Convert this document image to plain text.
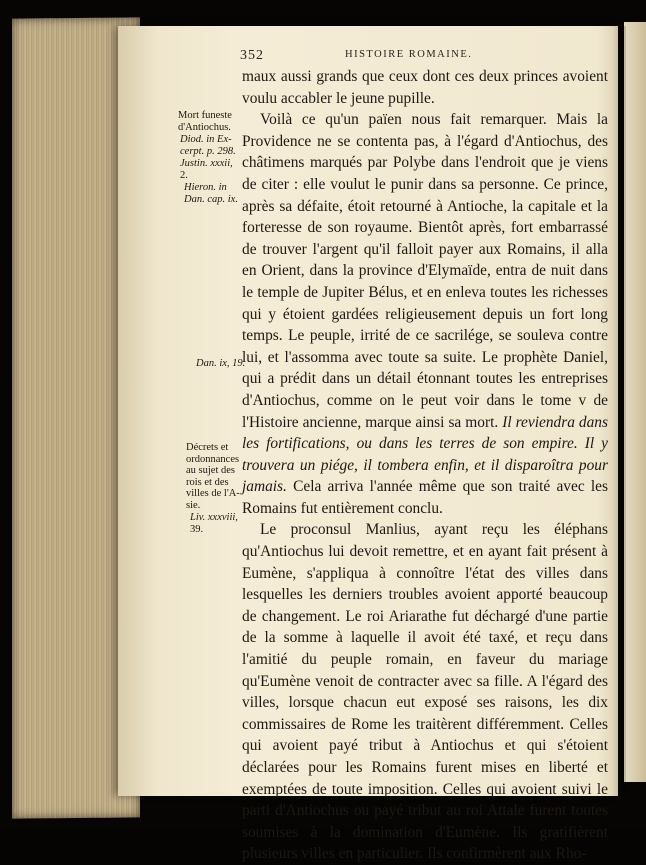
352	HISTOIRE ROMAINE.
Mort funeste
d'Antiochus.
Diod. in Ex-
cerpt. p. 298.
Justin. xxxii,
2.
Hieron. in
Dan. cap. ix.
Dan. ix, 19.
Décrets et
ordonnances
au sujet des
rois et des
villes de l'A-
sie.
Liv. xxxviii,
39.

maux aussi grands que ceux dont ces deux princes avoient voulu accabler le jeune pupille.

Voilà ce qu'un païen nous fait remarquer. Mais la Providence ne se contenta pas, à l'égard d'Antiochus, des châtimens marqués par Polybe dans l'endroit que je viens de citer : elle voulut le punir dans sa personne. Ce prince, après sa défaite, étoit retourné à Antioche, la capitale et la forteresse de son royaume. Bientôt après, fort embarrassé de trouver l'argent qu'il falloit payer aux Romains, il alla en Orient, dans la province d'Elymaïde, entra de nuit dans le temple de Jupiter Bélus, et en enleva toutes les richesses qui y étoient gardées religieusement depuis un fort long temps. Le peuple, irrité de ce sacrilége, se souleva contre lui, et l'assomma avec toute sa suite. Le prophète Daniel, qui a prédit dans un détail étonnant toutes les entreprises d'Antiochus, comme on le peut voir dans le tome v de l'Histoire ancienne, marque ainsi sa mort. Il reviendra dans les fortifications, ou dans les terres de son empire. Il y trouvera un piége, il tombera enfin, et il disparoîtra pour jamais. Cela arriva l'année même que son traité avec les Romains fut entièrement conclu.

Le proconsul Manlius, ayant reçu les éléphans qu'Antiochus lui devoit remettre, et en ayant fait présent à Eumène, s'appliqua à connoître l'état des villes dans lesquelles les derniers troubles avoient apporté beaucoup de changement. Le roi Ariarathe fut déchargé d'une partie de la somme à laquelle il avoit été taxé, et reçu dans l'amitié du peuple romain, en faveur du mariage qu'Eumène venoit de contracter avec sa fille. A l'égard des villes, lorsque chacun eut exposé ses raisons, les dix commissaires de Rome les traitèrent différemment. Celles qui avoient payé tribut à Antiochus et qui s'étoient déclarées pour les Romains furent mises en liberté et exemptées de toute imposition. Celles qui avoient suivi le parti d'Antiochus ou payé tribut au roi Attale furent toutes soumises à la domination d'Eumène. Ils gratifièrent plusieurs villes en particulier. Ils confirmèrent aux Rho-
